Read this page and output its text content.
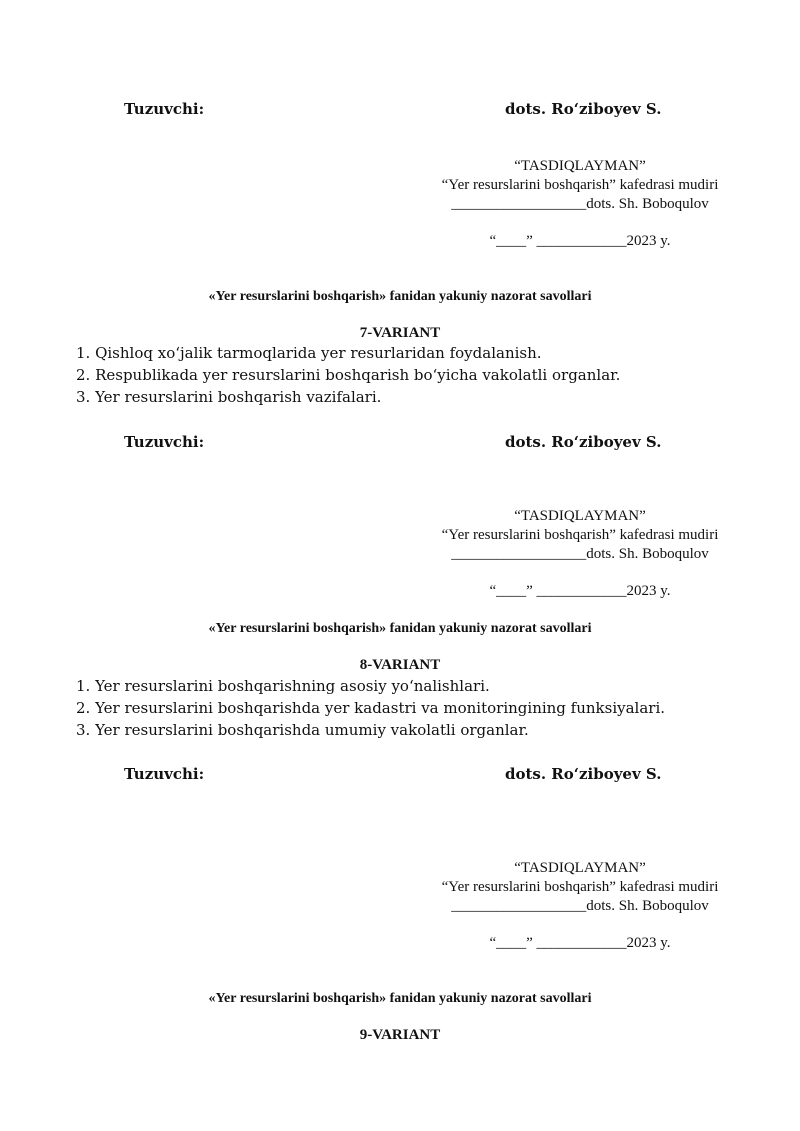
Tuzuvchi:	dots. Ro‘ziboyev S.
“TASDIQLAYMAN”
“Yer resurslarini boshqarish” kafedrasi mudiri
__________________dots. Sh. Boboqulov
“____” ____________2023 y.
«Yer resurslarini boshqarish» fanidan yakuniy nazorat savollari
7-VARIANT
1. Qishloq xo‘jalik tarmoqlarida yer resurlaridan foydalanish.
2. Respublikada yer resurslarini boshqarish bo‘yicha vakolatli organlar.
3. Yer resurslarini boshqarish vazifalari.
Tuzuvchi:	dots. Ro‘ziboyev S.
“TASDIQLAYMAN”
“Yer resurslarini boshqarish” kafedrasi mudiri
__________________dots. Sh. Boboqulov
“____” ____________2023 y.
«Yer resurslarini boshqarish» fanidan yakuniy nazorat savollari
8-VARIANT
1. Yer resurslarini boshqarishning asosiy yo‘nalishlari.
2. Yer resurslarini boshqarishda yer kadastri va monitoringining funksiyalari.
3. Yer resurslarini boshqarishda umumiy vakolatli organlar.
Tuzuvchi:	dots. Ro‘ziboyev S.
“TASDIQLAYMAN”
“Yer resurslarini boshqarish” kafedrasi mudiri
__________________dots. Sh. Boboqulov
“____” ____________2023 y.
«Yer resurslarini boshqarish» fanidan yakuniy nazorat savollari
9-VARIANT
